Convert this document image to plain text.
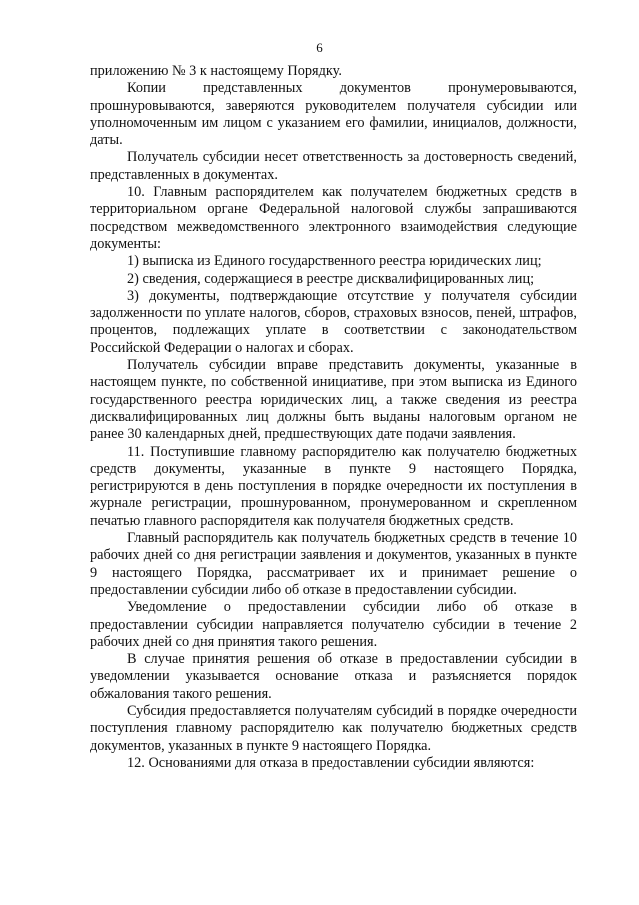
6

приложению № 3 к настоящему Порядку.

Копии представленных документов пронумеровываются, прошнуровываются, заверяются руководителем получателя субсидии или уполномоченным им лицом с указанием его фамилии, инициалов, должности, даты.

Получатель субсидии несет ответственность за достоверность сведений, представленных в документах.

10. Главным распорядителем как получателем бюджетных средств в территориальном органе Федеральной налоговой службы запрашиваются посредством межведомственного электронного взаимодействия следующие документы:

1) выписка из Единого государственного реестра юридических лиц;

2) сведения, содержащиеся в реестре дисквалифицированных лиц;

3) документы, подтверждающие отсутствие у получателя субсидии задолженности по уплате налогов, сборов, страховых взносов, пеней, штрафов, процентов, подлежащих уплате в соответствии с законодательством Российской Федерации о налогах и сборах.

Получатель субсидии вправе представить документы, указанные в настоящем пункте, по собственной инициативе, при этом выписка из Единого государственного реестра юридических лиц, а также сведения из реестра дисквалифицированных лиц должны быть выданы налоговым органом не ранее 30 календарных дней, предшествующих дате подачи заявления.

11. Поступившие главному распорядителю как получателю бюджетных средств документы, указанные в пункте 9 настоящего Порядка, регистрируются в день поступления в порядке очередности их поступления в журнале регистрации, прошнурованном, пронумерованном и скрепленном печатью главного распорядителя как получателя бюджетных средств.

Главный распорядитель как получатель бюджетных средств в течение 10 рабочих дней со дня регистрации заявления и документов, указанных в пункте 9 настоящего Порядка, рассматривает их и принимает решение о предоставлении субсидии либо об отказе в предоставлении субсидии.

Уведомление о предоставлении субсидии либо об отказе в предоставлении субсидии направляется получателю субсидии в течение 2 рабочих дней со дня принятия такого решения.

В случае принятия решения об отказе в предоставлении субсидии в уведомлении указывается основание отказа и разъясняется порядок обжалования такого решения.

Субсидия предоставляется получателям субсидий в порядке очередности поступления главному распорядителю как получателю бюджетных средств документов, указанных в пункте 9 настоящего Порядка.

12. Основаниями для отказа в предоставлении субсидии являются:
